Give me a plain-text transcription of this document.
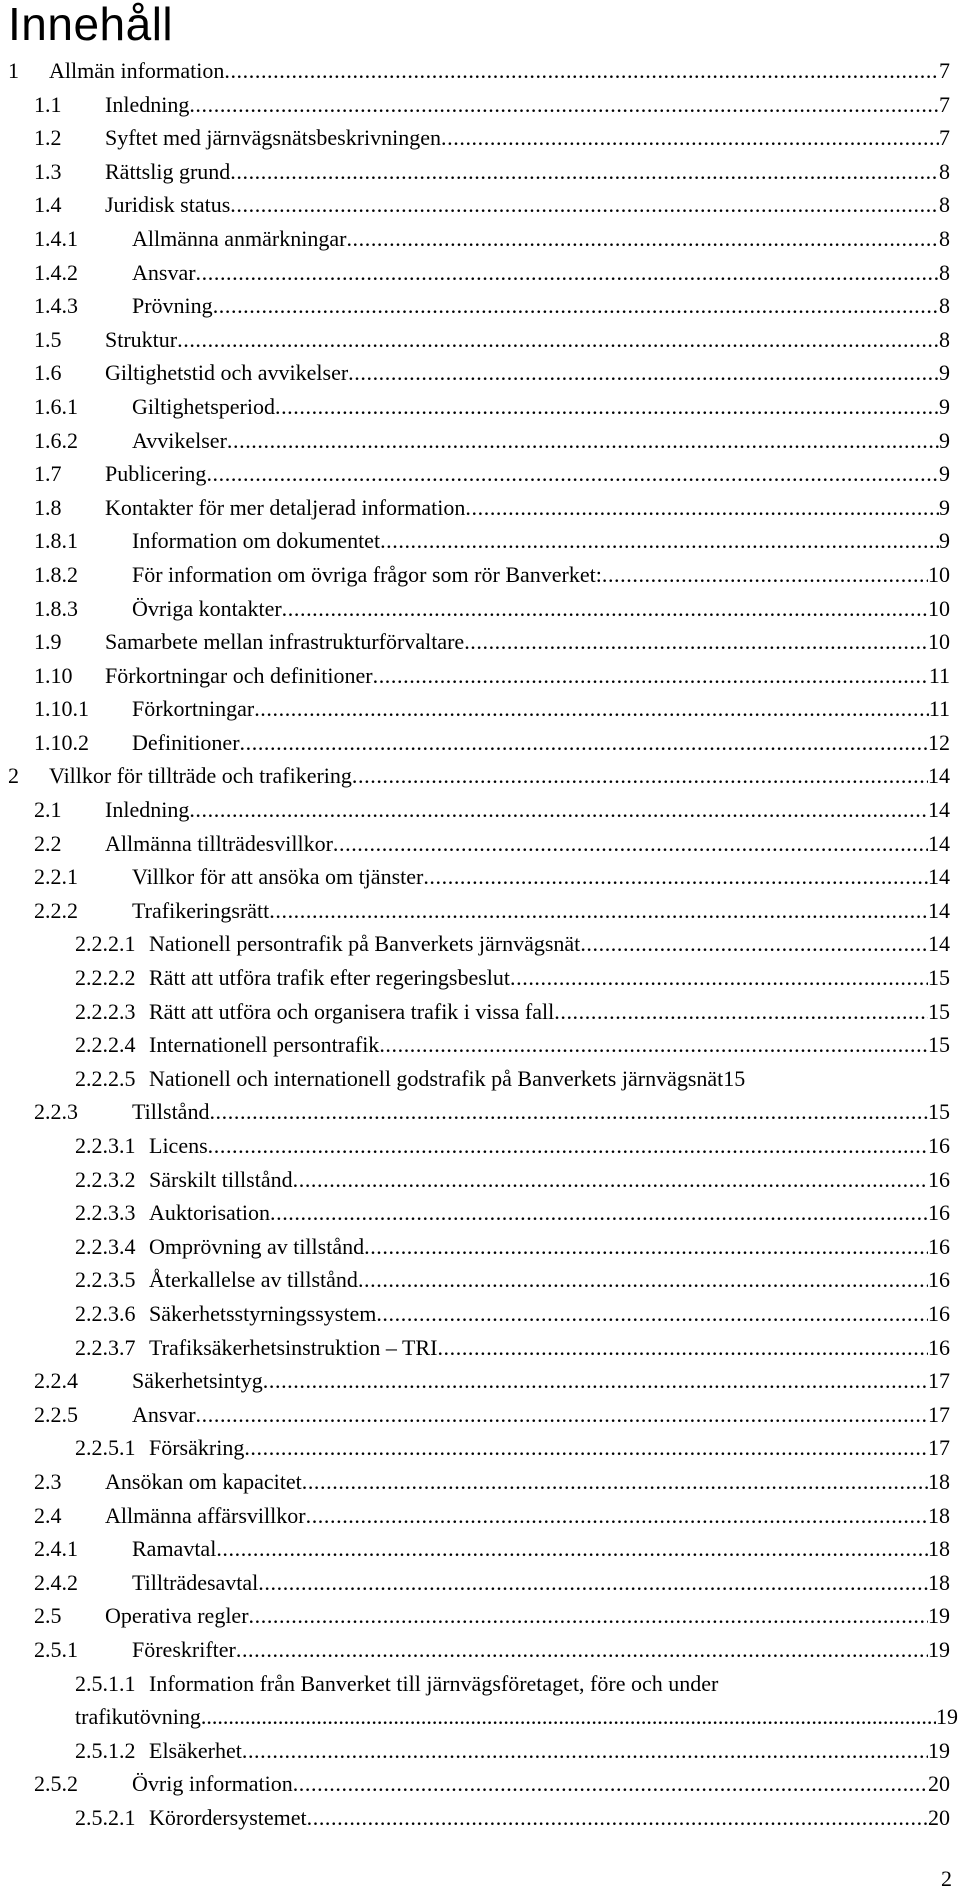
Innehåll
1 Allmän information .....	7
1.1 Inledning .....	7
1.2 Syftet med järnvägsnätsbeskrivningen .....	7
1.3 Rättslig grund .....	8
1.4 Juridisk status .....	8
1.4.1 Allmänna anmärkningar .....	8
1.4.2 Ansvar .....	8
1.4.3 Prövning .....	8
1.5 Struktur .....	8
1.6 Giltighetstid och avvikelser .....	9
1.6.1 Giltighetsperiod .....	9
1.6.2 Avvikelser .....	9
1.7 Publicering .....	9
1.8 Kontakter för mer detaljerad information .....	9
1.8.1 Information om dokumentet .....	9
1.8.2 För information om övriga frågor som rör Banverket: .....	10
1.8.3 Övriga kontakter .....	10
1.9 Samarbete mellan infrastrukturförvaltare .....	10
1.10 Förkortningar och definitioner .....	11
1.10.1 Förkortningar .....	11
1.10.2 Definitioner .....	12
2 Villkor för tillträde och trafikering .....	14
2.1 Inledning .....	14
2.2 Allmänna tillträdesvillkor .....	14
2.2.1 Villkor för att ansöka om tjänster .....	14
2.2.2 Trafikeringsrätt .....	14
2.2.2.1 Nationell persontrafik på Banverkets järnvägsnät .....	14
2.2.2.2 Rätt att utföra trafik efter regeringsbeslut .....	15
2.2.2.3 Rätt att utföra och organisera trafik i vissa fall .....	15
2.2.2.4 Internationell persontrafik .....	15
2.2.2.5 Nationell och internationell godstrafik på Banverkets järnvägsnät 15
2.2.3 Tillstånd .....	15
2.2.3.1 Licens .....	16
2.2.3.2 Särskilt tillstånd .....	16
2.2.3.3 Auktorisation .....	16
2.2.3.4 Omprövning av tillstånd .....	16
2.2.3.5 Återkallelse av tillstånd .....	16
2.2.3.6 Säkerhetsstyrningssystem .....	16
2.2.3.7 Trafiksäkerhetsinstruktion – TRI .....	16
2.2.4 Säkerhetsintyg .....	17
2.2.5 Ansvar .....	17
2.2.5.1 Försäkring .....	17
2.3 Ansökan om kapacitet .....	18
2.4 Allmänna affärsvillkor .....	18
2.4.1 Ramavtal .....	18
2.4.2 Tillträdesavtal .....	18
2.5 Operativa regler .....	19
2.5.1 Föreskrifter .....	19
2.5.1.1 Information från Banverket till järnvägsföretaget, före och under
trafikutövning .....	19
2.5.1.2 Elsäkerhet .....	19
2.5.2 Övrig information .....	20
2.5.2.1 Körordersystemet .....	20
2
